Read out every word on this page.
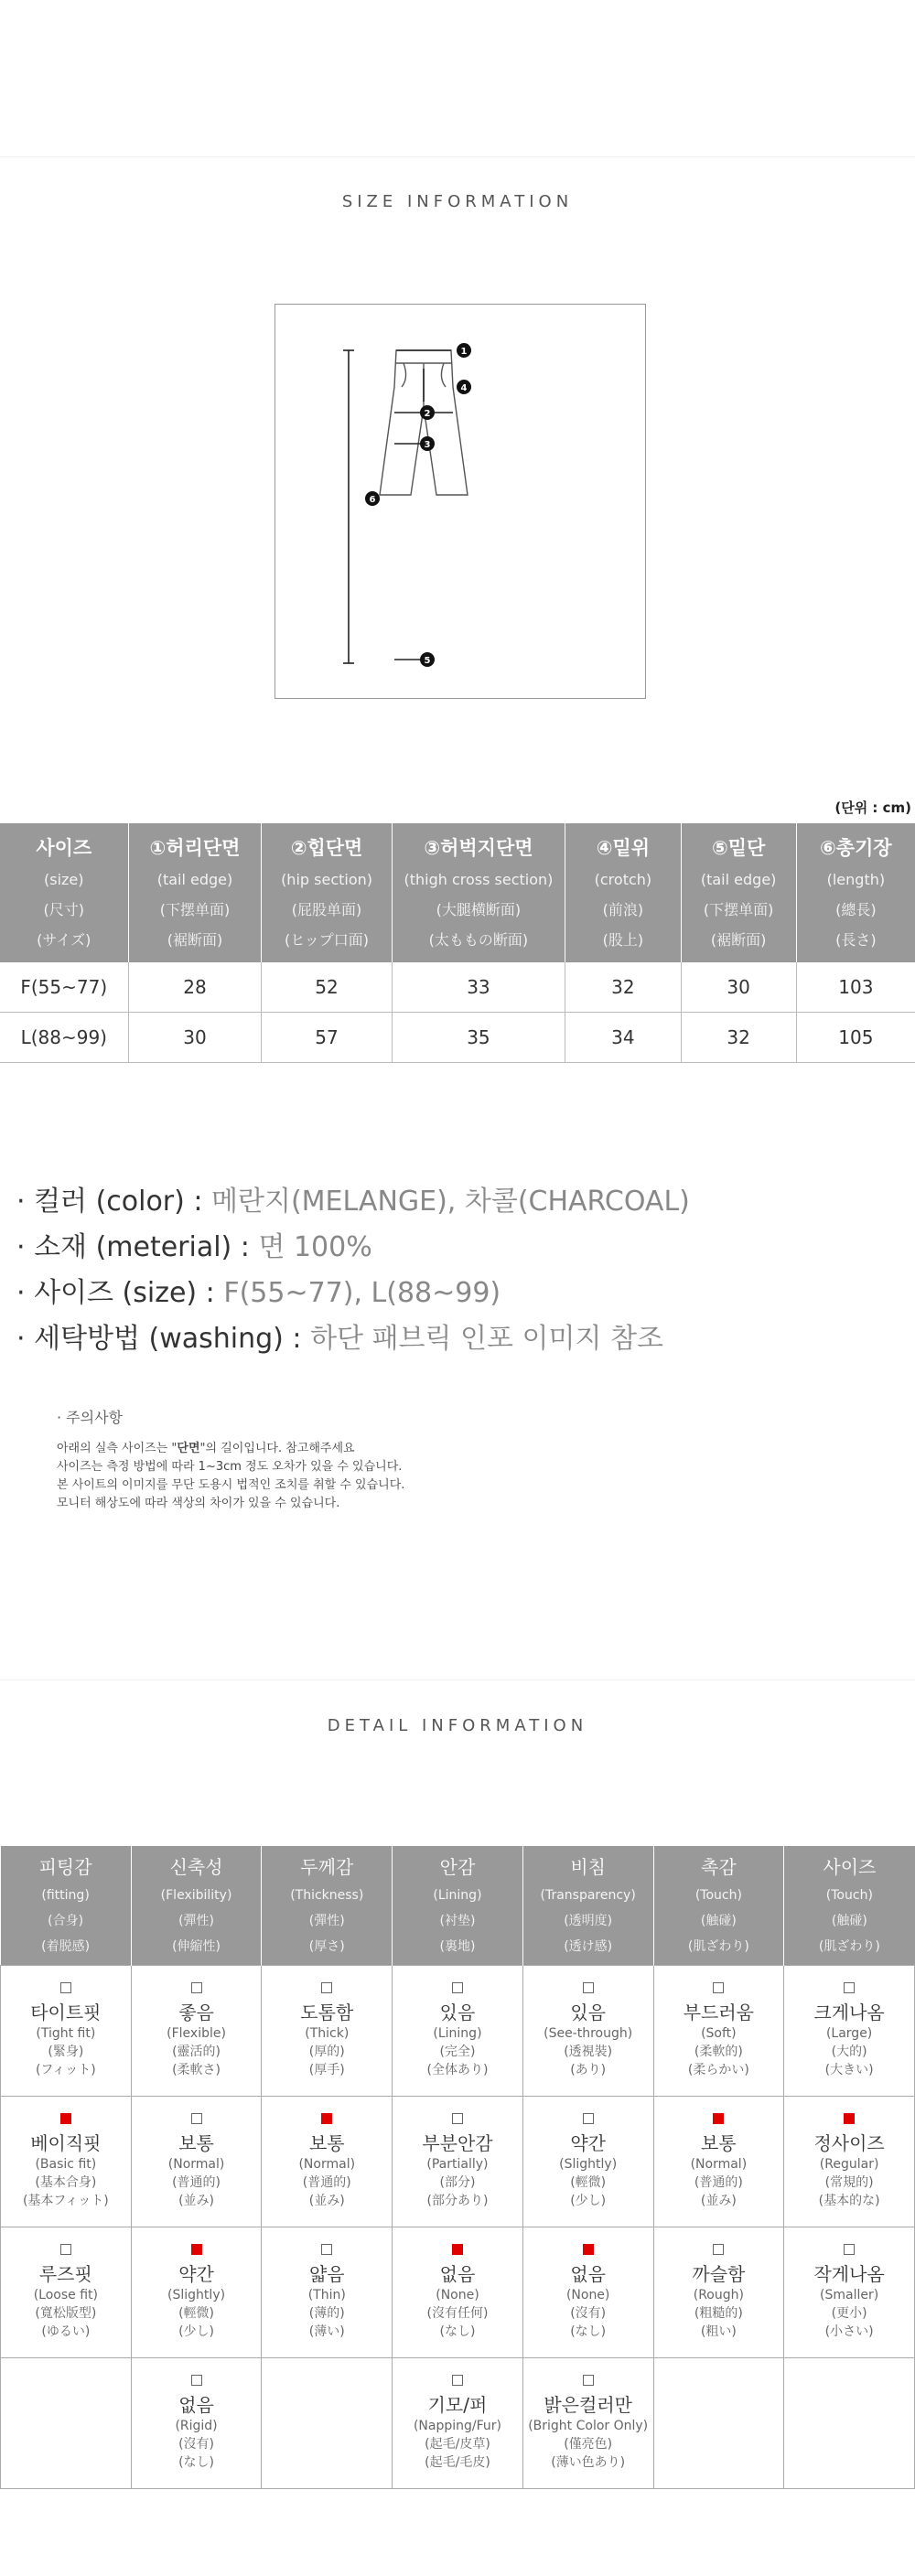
SIZE INFORMATION
1
2
3
4
5
6
(단위 : cm)
사이즈
(size)
(尺寸)
(サイズ)	①허리단면
(tail edge)
(下摆单面)
(裾断面)	②힙단면
(hip section)
(屁股单面)
(ヒップ口面)	③허벅지단면
(thigh cross section)
(大腿横断面)
(太ももの断面)	④밑위
(crotch)
(前浪)
(股上)	⑤밑단
(tail edge)
(下摆单面)
(裾断面)	⑥총기장
(length)
(總長)
(長さ)

F(55~77)	28	52	33	32	30	103
L(88~99)	30	57	35	34	32	105
· 컬러 (color) : 메란지(MELANGE), 차콜(CHARCOAL)
· 소재 (meterial) : 면 100%
· 사이즈 (size) : F(55~77), L(88~99)
· 세탁방법 (washing) : 하단 패브릭 인포 이미지 참조
· 주의사항
아래의 실측 사이즈는 "단면"의 길이입니다. 참고해주세요
사이즈는 측정 방법에 따라 1~3cm 정도 오차가 있을 수 있습니다.
본 사이트의 이미지를 무단 도용시 법적인 조치를 취할 수 있습니다.
모니터 해상도에 따라 색상의 차이가 있을 수 있습니다.
DETAIL INFORMATION
피팅감
(fitting)
(合身)
(着脱感)	신축성
(Flexibility)
(彈性)
(伸縮性)	두께감
(Thickness)
(彈性)
(厚さ)	안감
(Lining)
(衬垫)
(裏地)	비침
(Transparency)
(透明度)
(透け感)	촉감
(Touch)
(触碰)
(肌ざわり)	사이즈
(Touch)
(触碰)
(肌ざわり)

타이트핏
(Tight fit)
(緊身)
(フィット)	좋음
(Flexible)
(靈活的)
(柔軟さ)	도톰함
(Thick)
(厚的)
(厚手)	있음
(Lining)
(完全)
(全体あり)	있음
(See-through)
(透視裝)
(あり)	부드러움
(Soft)
(柔軟的)
(柔らかい)	크게나옴
(Large)
(大的)
(大きい)

베이직핏
(Basic fit)
(基本合身)
(基本フィット)	보통
(Normal)
(普通的)
(並み)	보통
(Normal)
(普通的)
(並み)	부분안감
(Partially)
(部分)
(部分あり)	약간
(Slightly)
(輕微)
(少し)	보통
(Normal)
(普通的)
(並み)	정사이즈
(Regular)
(常規的)
(基本的な)

루즈핏
(Loose fit)
(寬松版型)
(ゆるい)	약간
(Slightly)
(輕微)
(少し)	얇음
(Thin)
(薄的)
(薄い)	없음
(None)
(沒有任何)
(なし)	없음
(None)
(沒有)
(なし)	까슬함
(Rough)
(粗糙的)
(粗い)	작게나옴
(Smaller)
(更小)
(小さい)

	없음
(Rigid)
(沒有)
(なし)		기모/퍼
(Napping/Fur)
(起毛/皮草)
(起毛/毛皮)	밝은컬러만
(Bright Color Only)
(僅亮色)
(薄い色あり)		
